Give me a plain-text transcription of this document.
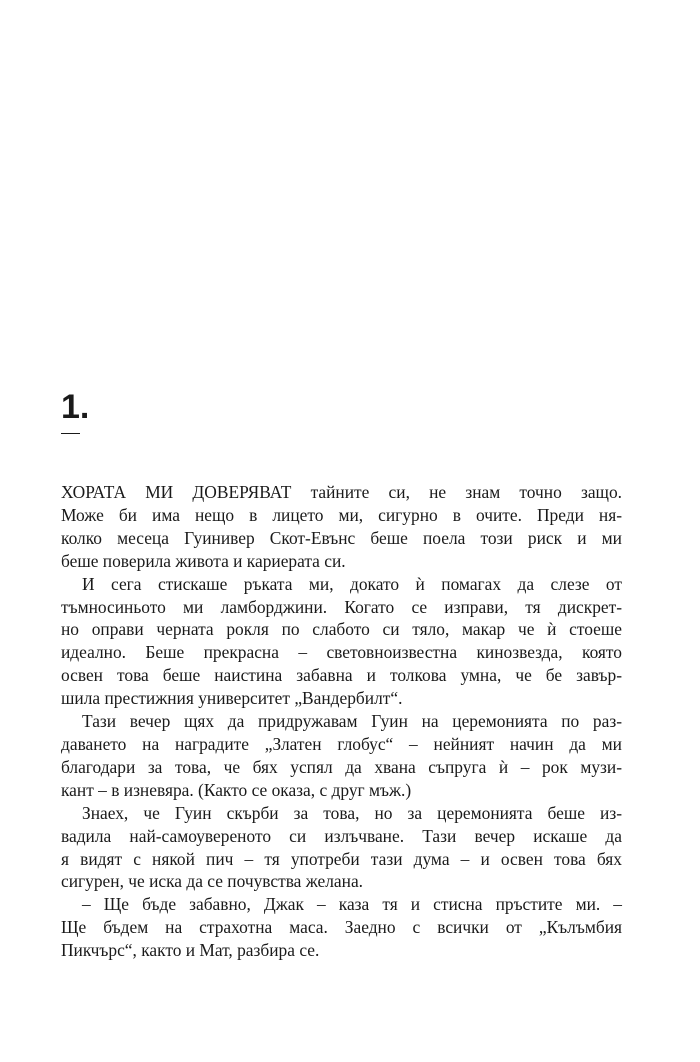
1.

ХОРАТА МИ ДОВЕРЯВАТ тайните си, не знам точно защо.
Може би има нещо в лицето ми, сигурно в очите. Преди ня-
колко месеца Гуинивер Скот-Евънс беше поела този риск и ми
беше поверила живота и кариерата си.

И сега стискаше ръката ми, докато ѝ помагах да слезе от
тъмносиньото ми ламборджини. Когато се изправи, тя дискрет-
но оправи черната рокля по слабото си тяло, макар че ѝ стоеше
идеално. Беше прекрасна – световноизвестна кинозвезда, която
освен това беше наистина забавна и толкова умна, че бе завър-
шила престижния университет „Вандербилт“.

Тази вечер щях да придружавам Гуин на церемонията по раз-
даването на наградите „Златен глобус“ – нейният начин да ми
благодари за това, че бях успял да хвана съпруга ѝ – рок музи-
кант – в изневяра. (Както се оказа, с друг мъж.)

Знаех, че Гуин скърби за това, но за церемонията беше из-
вадила най-самоувереното си излъчване. Тази вечер искаше да
я видят с някой пич – тя употреби тази дума – и освен това бях
сигурен, че иска да се почувства желана.

– Ще бъде забавно, Джак – каза тя и стисна пръстите ми. –
Ще бъдем на страхотна маса. Заедно с всички от „Кълъмбия
Пикчърс“, както и Мат, разбира се.
